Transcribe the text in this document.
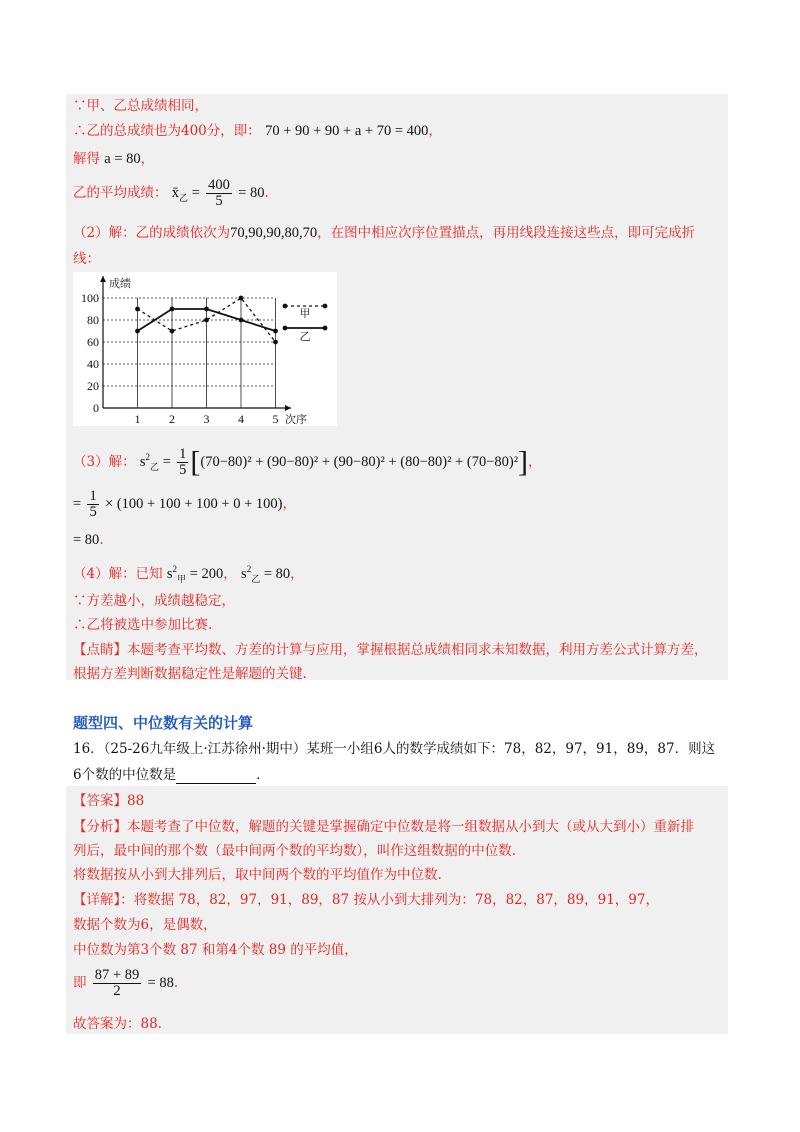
∵甲、乙总成绩相同，
∴乙的总成绩也为400分，即： 70 + 90 + 90 + a + 70 = 400，
解得 a = 80，
乙的平均成绩： $x̄_乙 = \frac{400}{5} = 80$.
（2）解：乙的成绩依次为70,90,90,80,70，在图中相应次序位置描点，再用线段连接这些点，即可完成折
线：
成绩
次序
0
20
40
60
80
100
1 2 3 4 5
甲
乙
（3）解： $s^2_乙 = \frac{1}{5} [(70-80)^2 + (90-80)^2 + (90-80)^2 + (80-80)^2 + (70-80)^2]$，
= $\frac{1}{5} \times (100 + 100 + 100 + 0 + 100)$，
= 80.
（4）解：已知 $s^2_甲 = 200$， $s^2_乙 = 80$，
∵方差越小，成绩越稳定，
∴乙将被选中参加比赛.
【点睛】本题考查平均数、方差的计算与应用，掌握根据总成绩相同求未知数据，利用方差公式计算方差，
根据方差判断数据稳定性是解题的关键.
题型四、中位数有关的计算
16．（25-26九年级上·江苏徐州·期中）某班一小组6人的数学成绩如下：78，82，97，91，89，87．则这
6个数的中位数是	．
【答案】88
【分析】本题考查了中位数，解题的关键是掌握确定中位数是将一组数据从小到大（或从大到小）重新排
列后，最中间的那个数（最中间两个数的平均数），叫作这组数据的中位数.
将数据按从小到大排列后，取中间两个数的平均值作为中位数.
【详解】：将数据 78，82，97，91，89，87 按从小到大排列为：78，82，87，89，91，97，
数据个数为6，是偶数，
中位数为第3个数 87 和第4个数 89 的平均值，
即 $\frac{87 + 89}{2} = 88$.
故答案为：88.
